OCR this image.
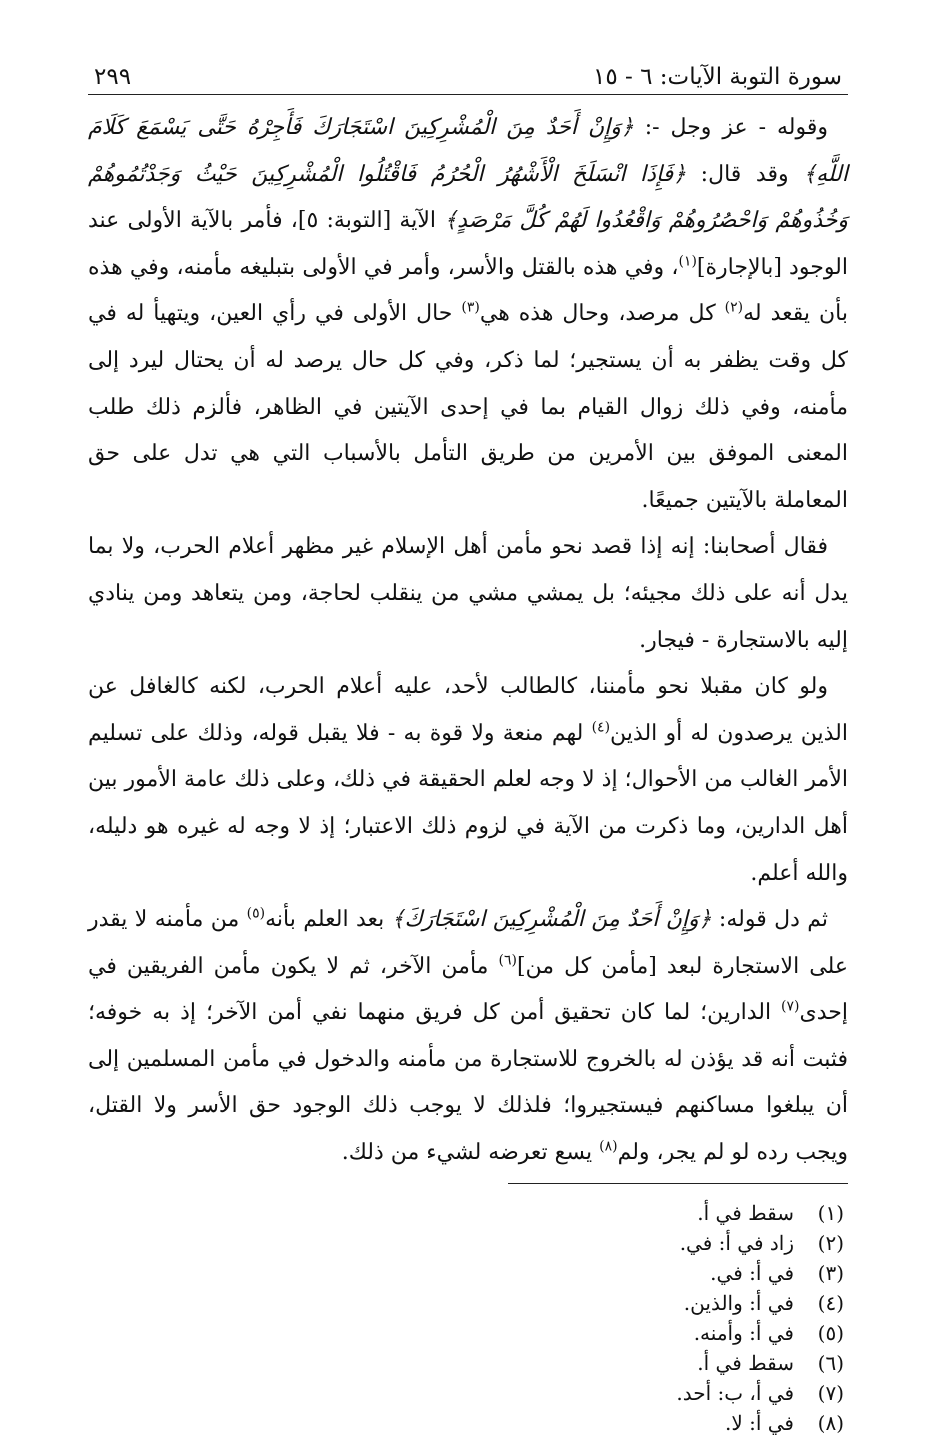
سورة التوبة الآيات: ٦ - ١٥
٢٩٩

وقوله - عز وجل -: ﴿وَإِنْ أَحَدٌ مِنَ الْمُشْرِكِينَ اسْتَجَارَكَ فَأَجِرْهُ حَتَّى يَسْمَعَ كَلَامَ اللَّهِ﴾ وقد قال: ﴿فَإِذَا انْسَلَخَ الْأَشْهُرُ الْحُرُمُ فَاقْتُلُوا الْمُشْرِكِينَ حَيْثُ وَجَدْتُمُوهُمْ وَخُذُوهُمْ وَاحْصُرُوهُمْ وَاقْعُدُوا لَهُمْ كُلَّ مَرْصَدٍ﴾ الآية [التوبة: ٥]، فأمر بالآية الأولى عند الوجود [بالإجارة]$^{(١)}$، وفي هذه بالقتل والأسر، وأمر في الأولى بتبليغه مأمنه، وفي هذه بأن يقعد له$^{(٢)}$ كل مرصد، وحال هذه هي$^{(٣)}$ حال الأولى في رأي العين، ويتهيأ له في كل وقت يظفر به أن يستجير؛ لما ذكر، وفي كل حال يرصد له أن يحتال ليرد إلى مأمنه، وفي ذلك زوال القيام بما في إحدى الآيتين في الظاهر، فألزم ذلك طلب المعنى الموفق بين الأمرين من طريق التأمل بالأسباب التي هي تدل على حق المعاملة بالآيتين جميعًا.

فقال أصحابنا: إنه إذا قصد نحو مأمن أهل الإسلام غير مظهر أعلام الحرب، ولا بما يدل أنه على ذلك مجيئه؛ بل يمشي مشي من ينقلب لحاجة، ومن يتعاهد ومن ينادي إليه بالاستجارة - فيجار.

ولو كان مقبلا نحو مأمننا، كالطالب لأحد، عليه أعلام الحرب، لكنه كالغافل عن الذين يرصدون له أو الذين$^{(٤)}$ لهم منعة ولا قوة به - فلا يقبل قوله، وذلك على تسليم الأمر الغالب من الأحوال؛ إذ لا وجه لعلم الحقيقة في ذلك، وعلى ذلك عامة الأمور بين أهل الدارين، وما ذكرت من الآية في لزوم ذلك الاعتبار؛ إذ لا وجه له غيره هو دليله، والله أعلم.

ثم دل قوله: ﴿وَإِنْ أَحَدٌ مِنَ الْمُشْرِكِينَ اسْتَجَارَكَ﴾ بعد العلم بأنه$^{(٥)}$ من مأمنه لا يقدر على الاستجارة لبعد [مأمن كل من]$^{(٦)}$ مأمن الآخر، ثم لا يكون مأمن الفريقين في إحدى$^{(٧)}$ الدارين؛ لما كان تحقيق أمن كل فريق منهما نفي أمن الآخر؛ إذ به خوفه؛ فثبت أنه قد يؤذن له بالخروج للاستجارة من مأمنه والدخول في مأمن المسلمين إلى أن يبلغوا مساكنهم فيستجيروا؛ فلذلك لا يوجب ذلك الوجود حق الأسر ولا القتل، ويجب رده لو لم يجر، ولم$^{(٨)}$ يسع تعرضه لشيء من ذلك.

(١)
سقط في أ.
(٢)
زاد في أ: في.
(٣)
في أ: في.
(٤)
في أ: والذين.
(٥)
في أ: وأمنه.
(٦)
سقط في أ.
(٧)
في أ، ب: أحد.
(٨)
في أ: لا.
